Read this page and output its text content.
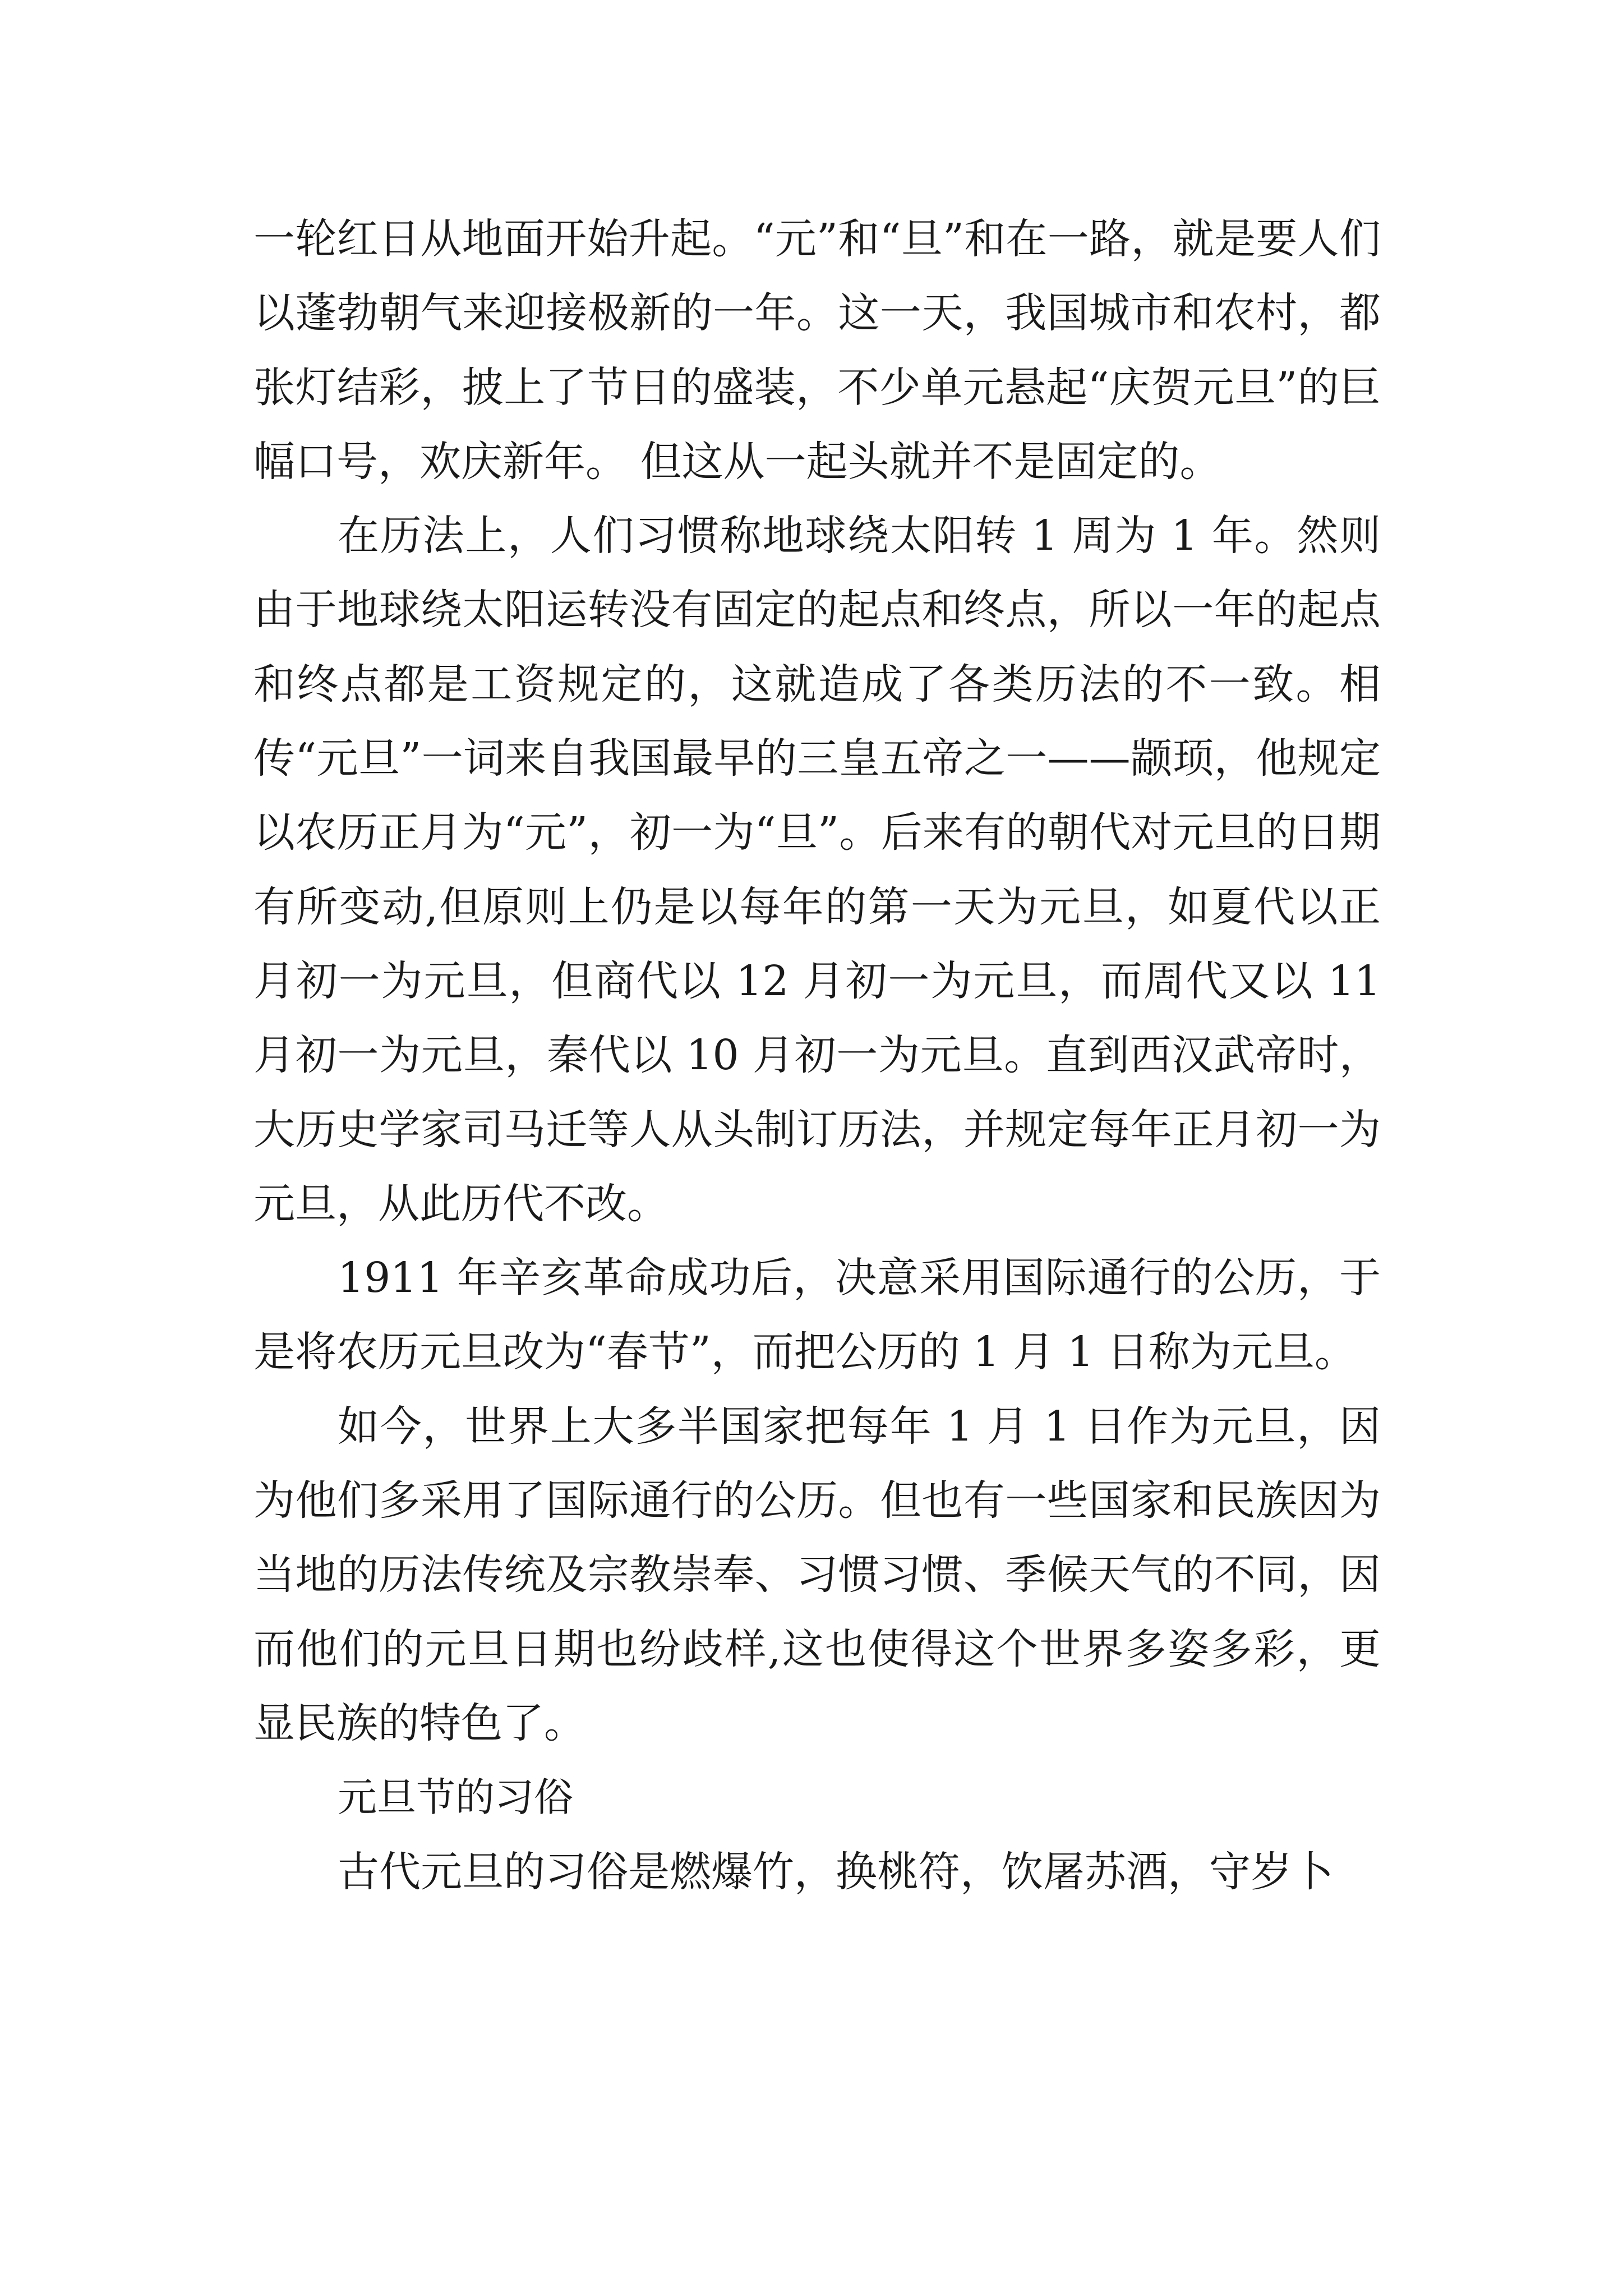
一轮红日从地面开始升起。“元”和“旦”和在一路，就是要人们以蓬勃朝气来迎接极新的一年。这一天，我国城市和农村，都张灯结彩，披上了节日的盛装，不少单元悬起“庆贺元旦”的巨幅口号，欢庆新年。 但这从一起头就并不是固定的。

在历法上，人们习惯称地球绕太阳转 1 周为 1 年。然则由于地球绕太阳运转没有固定的起点和终点，所以一年的起点和终点都是工资规定的，这就造成了各类历法的不一致。相传“元旦”一词来自我国最早的三皇五帝之一——颛顼，他规定以农历正月为“元”，初一为“旦”。后来有的朝代对元旦的日期有所变动,但原则上仍是以每年的第一天为元旦，如夏代以正月初一为元旦，但商代以 12 月初一为元旦，而周代又以 11 月初一为元旦，秦代以 10 月初一为元旦。直到西汉武帝时，大历史学家司马迁等人从头制订历法，并规定每年正月初一为元旦，从此历代不改。

1911 年辛亥革命成功后，决意采用国际通行的公历，于是将农历元旦改为“春节”，而把公历的 1 月 1 日称为元旦。

如今，世界上大多半国家把每年 1 月 1 日作为元旦，因为他们多采用了国际通行的公历。但也有一些国家和民族因为当地的历法传统及宗教崇奉、习惯习惯、季候天气的不同，因而他们的元旦日期也纷歧样,这也使得这个世界多姿多彩，更显民族的特色了。

元旦节的习俗

古代元旦的习俗是燃爆竹，换桃符，饮屠苏酒，守岁卜
